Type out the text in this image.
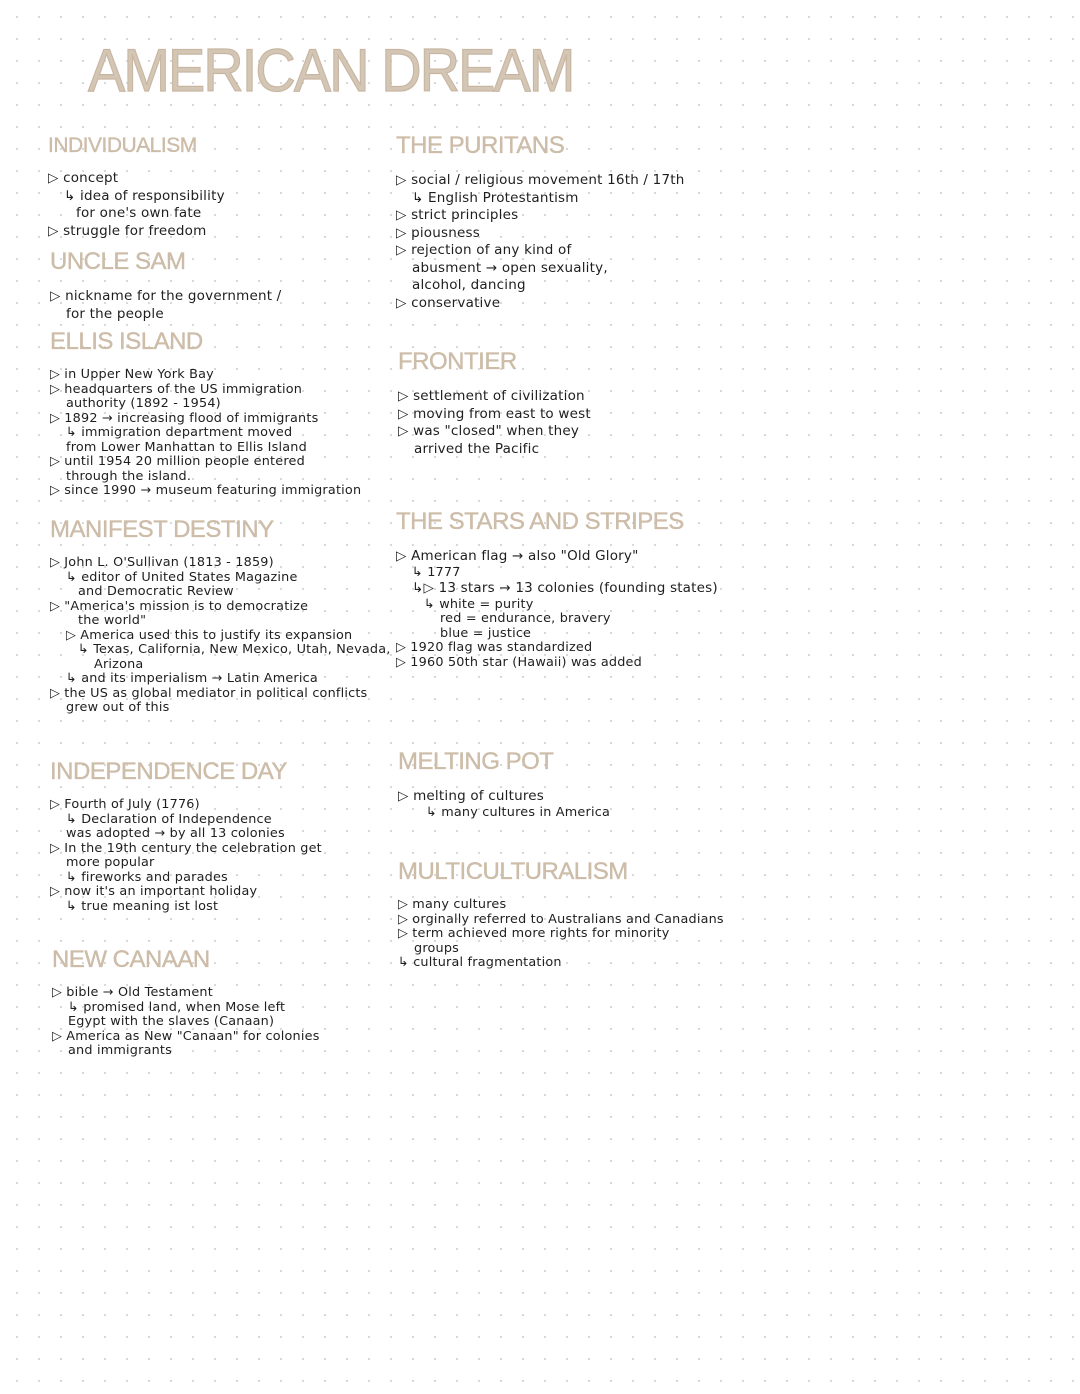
AMERICAN DREAM
INDIVIDUALISM
▷ concept
↳ idea of responsibility
for one's own fate
▷ struggle for freedom
UNCLE SAM
▷ nickname for the government /
for the people
ELLIS ISLAND
▷ in Upper New York Bay
▷ headquarters of the US immigration
authority (1892 - 1954)
▷ 1892 → increasing flood of immigrants
↳ immigration department moved
from Lower Manhattan to Ellis Island
▷ until 1954 20 million people entered
through the island.
▷ since 1990 → museum featuring immigration
MANIFEST DESTINY
▷ John L. O'Sullivan (1813 - 1859)
↳ editor of United States Magazine
and Democratic Review
▷ "America's mission is to democratize
the world"
▷ America used this to justify its expansion
↳ Texas, California, New Mexico, Utah, Nevada,
Arizona
↳ and its imperialism → Latin America
▷ the US as global mediator in political conflicts
grew out of this
INDEPENDENCE DAY
▷ Fourth of July (1776)
↳ Declaration of Independence
was adopted → by all 13 colonies
▷ In the 19th century the celebration get
more popular
↳ fireworks and parades
▷ now it's an important holiday
↳ true meaning ist lost
NEW CANAAN
▷ bible → Old Testament
↳ promised land, when Mose left
Egypt with the slaves (Canaan)
▷ America as New "Canaan" for colonies
and immigrants
THE PURITANS
▷ social / religious movement 16th / 17th
↳ English Protestantism
▷ strict principles
▷ piousness
▷ rejection of any kind of
abusment → open sexuality,
alcohol, dancing
▷ conservative
FRONTIER
▷ settlement of civilization
▷ moving from east to west
▷ was "closed" when they
arrived the Pacific
THE STARS AND STRIPES
▷ American flag → also "Old Glory"
↳ 1777
↳▷ 13 stars → 13 colonies (founding states)
↳ white = purity
red = endurance, bravery
blue = justice
▷ 1920 flag was standardized
▷ 1960 50th star (Hawaii) was added
MELTING POT
▷ melting of cultures
↳ many cultures in America
MULTICULTURALISM
▷ many cultures
▷ orginally referred to Australians and Canadians
▷ term achieved more rights for minority
groups
↳ cultural fragmentation
